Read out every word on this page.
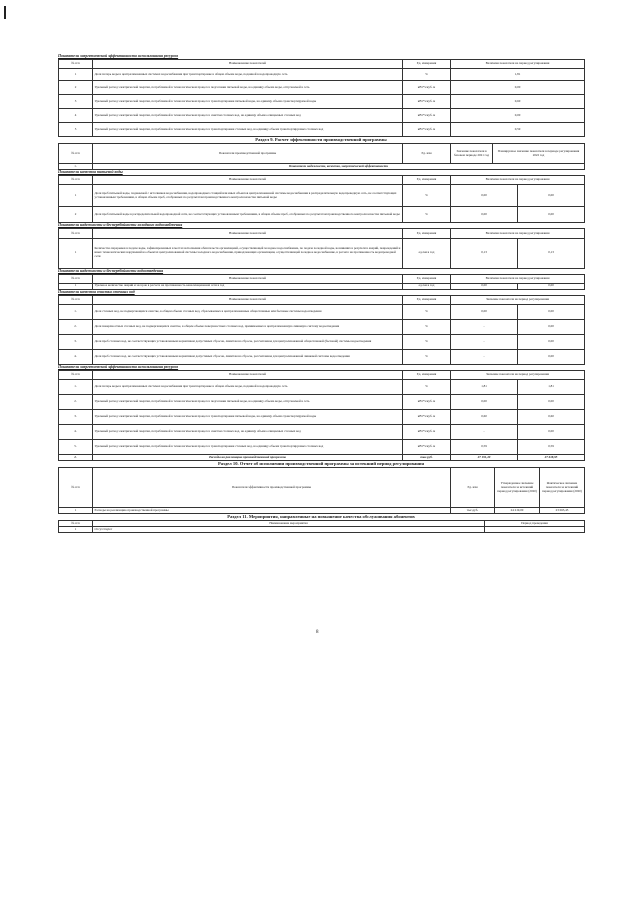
Показатели энергетической эффективности использования ресурсов
№ п/п	Наименование показателей	Ед. измерения	Величина показателя на период регулирования
1	Доля потерь воды в централизованных системах водоснабжения при транспортировке в общем объеме воды, поданной в водопроводную сеть	%	1,81
2	Удельный расход электрической энергии, потребляемой в технологическом процессе подготовки питьевой воды, на единицу объема воды, отпускаемой в сеть	кВт*ч/куб. м	0,00
3	Удельный расход электрической энергии, потребляемой в технологическом процессе транспортировки питьевой воды, на единицу объема транспортируемой воды	кВт*ч/куб. м	0,60
4	Удельный расход электрической энергии, потребляемой в технологическом процессе очистки сточных вод, на единицу объема очищаемых сточных вод	кВт*ч/куб. м	0,00
5	Удельный расход электрической энергии, потребляемой в технологическом процессе транспортировки сточных вод, на единицу объема транспортируемых сточных вод	кВт*ч/куб. м	0,59
Раздел 9. Расчет эффективности производственной программы
№ п/п	Показатели производственной программы	Ед. изм	Значение показателя в базовом периоде 2021 год	Планируемое значение показателя в периоде регулирования 2022 год
1.	Показатели надежности, качества, энергетической эффективности			
Показатели качества питьевой воды
№ п/п	Наименование показателей	Ед. измерения	Величина показателя на период регулирования	
1	Доля проб питьевой воды, подаваемой с источников водоснабжения, водопроводных станций или иных объектов централизованной системы водоснабжения в распределительную водопроводную сеть, не соответствующих установленным требованиям, в общем объеме проб, отобранных по результатам производственного контроля качества питьевой воды	%	0,00	0,00
2	Доля проб питьевой воды в распределительной водопроводной сети, не соответствующих установленным требованиям, в общем объеме проб, отобранных по результатам производственного контроля качества питьевой воды	%	0,00	0,00
Показатели надежности и бесперебойности холодного водоснабжения
№ п/п	Наименование показателей	Ед. измерения	Величина показателя на период регулирования	
1	Количество перерывов в подаче воды, зафиксированных в местах исполнения обязательств организацией, осуществляющей холодное водоснабжение, по подаче холодной воды, возникших в результате аварий, повреждений и иных технологических нарушений на объектах централизованной системы холодного водоснабжения, принадлежащих организации, осуществляющей холодное водоснабжение, в расчете на протяженность водопроводной сети	ед./км в год	0,13	0,13
Показатели надежности и бесперебойности водоотведения
№ п/п	Наименование показателей	Ед. измерения	Величина показателя на период регулирования	
1	Удельное количество аварий и засоров в расчете на протяженность канализационной сети в год	ед./км в год	0,00	0,00
Показатели качества очистки сточных вод
№ п/п	Наименование показателей	Ед. измерения	Значение показателя на период регулирования	
1.	Доля сточных вод, не подвергающихся очистке, в общем объеме сточных вод, сбрасываемых в централизованные общесплавные или бытовые системы водоотведения	%	0,00	0,00
2.	Доля поверхностных сточных вод, не подвергающихся очистке, в общем объеме поверхностных сточных вод, принимаемых в централизованную ливневую систему водоотведения	%	-	0,00
3.	Доля проб сточных вод, не соответствующих установленным нормативам допустимых сбросов, лимитам на сбросы, рассчитанная для централизованной общесплавной (бытовой) системы водоотведения	%	-	0,00
4.	Доля проб сточных вод, не соответствующих установленным нормативам допустимых сбросов, лимитам на сбросы, рассчитанная для централизованной ливневой системы водоотведения	%	-	0,00
Показатели энергетической эффективности использования ресурсов
№ п/п	Наименование показателей	Ед. измерения	Значение показателя на период регулирования	
1.	Доля потерь воды в централизованных системах водоснабжения при транспортировке в общем объеме воды, поданной в водопроводную сеть	%	1,81	1,81
2.	Удельный расход электрической энергии, потребляемой в технологическом процессе подготовки питьевой воды, на единицу объема воды, отпускаемой в сеть	кВт*ч/куб. м	0,00	0,00
3.	Удельный расход электрической энергии, потребляемой в технологическом процессе транспортировки питьевой воды, на единицу объема транспортируемой воды	кВт*ч/куб. м	0,60	0,60
4.	Удельный расход электрической энергии, потребляемой в технологическом процессе очистки сточных вод, на единицу объема очищаемых сточных вод	кВт*ч/куб. м	-	0,00
5.	Удельный расход электрической энергии, потребляемой в технологическом процессе транспортировки сточных вод, на единицу объема транспортируемых сточных вод	кВт*ч/куб. м	0,59	0,59
2.	Расходы на реализацию производственной программы	тыс.руб.	27 191,20	27 618,95
Раздел 10. Отчет об исполнении производственной программы за истекший период регулирования
№ п/п	Показатели эффективности производственной программы	Ед. изм	Утвержденное значение показателя за истекший период регулирования (2020)	Фактическое значение показателя за истекший период регулирования (2020)
1	Расходы на реализацию производственной программы	тыс.руб.	24 219,00	23 063,45
Раздел 11. Мероприятия, направленные на повышение качества обслуживания абонентов
№ п/п	Наименование мероприятия	Период проведения
1	Отсутствуют	
8
